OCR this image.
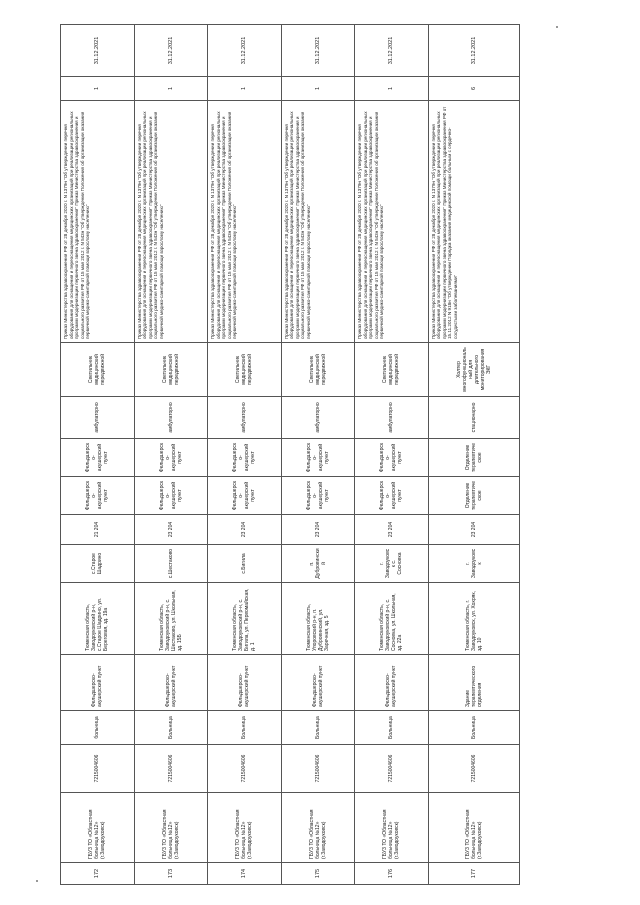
172	ГБУЗ ТО «Областная больница №12» (г.Заводоуковск)	7215004606	больница	Фельдшерско-акушерский пункт	Тюменская область, Заводоуковский р-н, с.Старое Шадрино, ул. Береговая, зд. 19а	с.Старое Шадрино	21 204	Фельдшерско-акушерский пункт	Фельдшерско-акушерский пункт	амбулаторно	Светильник медицинский передвижной	Приказ Министерства здравоохранения РФ от 28 декабря 2020 г. N 1379н "Об утверждении перечня оборудования для оснащения и переоснащения медицинских организаций при реализации региональных программ модернизации первичного звена здравоохранения" Приказ Министерства здравоохранения и социального развития РФ от 15 мая 2012 г. N 543н "Об утверждении Положения об организации оказания первичной медико-санитарной помощи взрослому населению"	1	31.12.2021
173	ГБУЗ ТО «Областная больница №12» (г.Заводоуковск)	7215004606	Больница	Фельдшерско-акушерский пункт	Тюменская область, Заводоуковский р-н, с. Шестаково, ул. Школьная, зд. 15Б	с.Шестаково	23 204	Фельдшерско-акушерский пункт	Фельдшерско-акушерский пункт	амбулаторно	Светильник медицинский передвижной	Приказ Министерства здравоохранения РФ от 28 декабря 2020 г. N 1379н "Об утверждении перечня оборудования для оснащения и переоснащения медицинских организаций при реализации региональных программ модернизации первичного звена здравоохранения" Приказ Министерства здравоохранения и социального развития РФ от 15 мая 2012 г. N 543н "Об утверждении Положения об организации оказания первичной медико-санитарной помощи взрослому населению"	1	31.12.2021
174	ГБУЗ ТО «Областная больница №12» (г.Заводоуковск)	7215004606	Больница	Фельдшерско-акушерский пункт	Тюменская область, Заводоуковский р-н, с. Бигила, ул. Первомайская, д. 1	с.Бигила	23 204	Фельдшерско-акушерский пункт	Фельдшерско-акушерский пункт	амбулаторно	Светильник медицинский передвижной	Приказ Министерства здравоохранения РФ от 28 декабря 2020 г. N 1379н "Об утверждении перечня оборудования для оснащения и переоснащения медицинских организаций при реализации региональных программ модернизации первичного звена здравоохранения" Приказ Министерства здравоохранения и социального развития РФ от 15 мая 2012 г. N 543н "Об утверждении Положения об организации оказания первичной медико-санитарной помощи взрослому населению"	1	31.12.2021
175	ГБУЗ ТО «Областная больница №12» (г.Заводоуковск)	7215004606	Больница	Фельдшерско-акушерский пункт	Тюменская область, Упоровский р-н, п. Дубровинский, ул. Заречная, зд. 5	п. Дубровинский	23 204	Фельдшерско-акушерский пункт	Фельдшерско-акушерский пункт	амбулаторно	Светильник медицинский передвижной	Приказ Министерства здравоохранения РФ от 28 декабря 2020 г. N 1379н "Об утверждении перечня оборудования для оснащения и переоснащения медицинских организаций при реализации региональных программ модернизации первичного звена здравоохранения" Приказ Министерства здравоохранения и социального развития РФ от 15 мая 2012 г. N 543н "Об утверждении Положения об организации оказания первичной медико-санитарной помощи взрослому населению"	1	31.12.2021
176	ГБУЗ ТО «Областная больница №12» (г.Заводоуковск)	7215004606	Больница	Фельдшерско-акушерский пункт	Тюменская область, Заводоуковский р-н, с. Сосновка, ул. Школьная, зд. 22а	г. Заводоуковск с. Сосновка	23 204	Фельдшерско-акушерский пункт	Фельдшерско-акушерский пункт	амбулаторно	Светильник медицинский передвижной	Приказ Министерства здравоохранения РФ от 28 декабря 2020 г. N 1379н "Об утверждении перечня оборудования для оснащения и переоснащения медицинских организаций при реализации региональных программ модернизации первичного звена здравоохранения" Приказ Министерства здравоохранения и социального развития РФ от 15 мая 2012 г. N 543н "Об утверждении Положения об организации оказания первичной медико-санитарной помощи взрослому населению"	1	31.12.2021
177	ГБУЗ ТО «Областная больница №12» (г.Заводоуковск)	7215004606	Больница	Здание терапевтического отделения	Тюменская область, г. Заводоуковск, ул. Хохряк, зд. 10	г. Заводоуковск	23 204	Отделение терапевтическое	Отделение терапевтическое	стационарно	Холтер многофункциональный для длительного мониторирования ЭКГ	Приказ Министерства здравоохранения РФ от 28 декабря 2020 г. N 1379н "Об утверждении перечня оборудования для оснащения и переоснащения медицинских организаций при реализации региональных программ модернизации первичного звена здравоохранения" Приказ Министерства здравоохранения РФ от 15.11.2012 N 918н "Об утверждении Порядка оказания медицинской помощи больным с сердечно-сосудистыми заболеваниями"	6	31.12.2021
